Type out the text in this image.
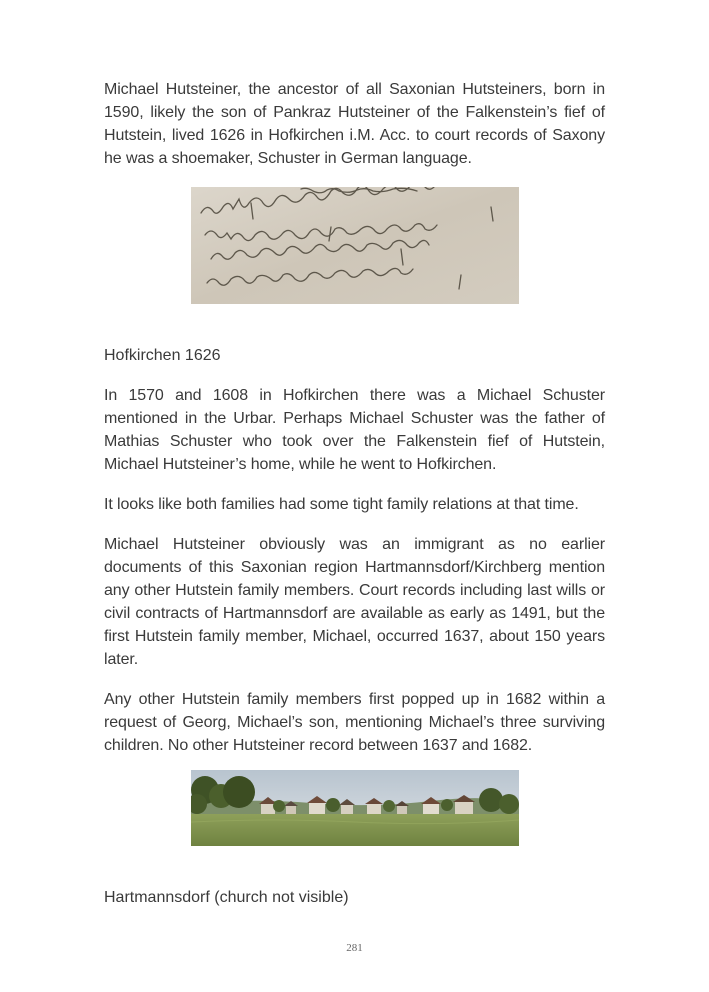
Michael Hutsteiner, the ancestor of all Saxonian Hutsteiners, born in 1590, likely the son of Pankraz Hutsteiner of the Falkenstein’s fief of Hutstein, lived 1626 in Hofkirchen i.M. Acc. to court records of Saxony he was a shoemaker, Schuster in German language.

Hofkirchen 1626

In 1570 and 1608 in Hofkirchen there was a Michael Schuster mentioned in the Urbar. Perhaps Michael Schuster was the father of Mathias Schuster who took over the Falkenstein fief of Hutstein, Michael Hutsteiner’s home, while he went to Hofkirchen.

It looks like both families had some tight family relations at that time.

Michael Hutsteiner obviously was an immigrant as no earlier documents of this Saxonian region Hartmannsdorf/Kirchberg mention any other Hutstein family members. Court records including last wills or civil contracts of Hartmannsdorf are available as early as 1491, but the first Hutstein family member, Michael, occurred 1637, about 150 years later.

Any other Hutstein family members first popped up in 1682 within a request of Georg, Michael’s son, mentioning Michael’s three surviving children. No other Hutsteiner record between 1637 and 1682.

Hartmannsdorf (church not visible)

281
